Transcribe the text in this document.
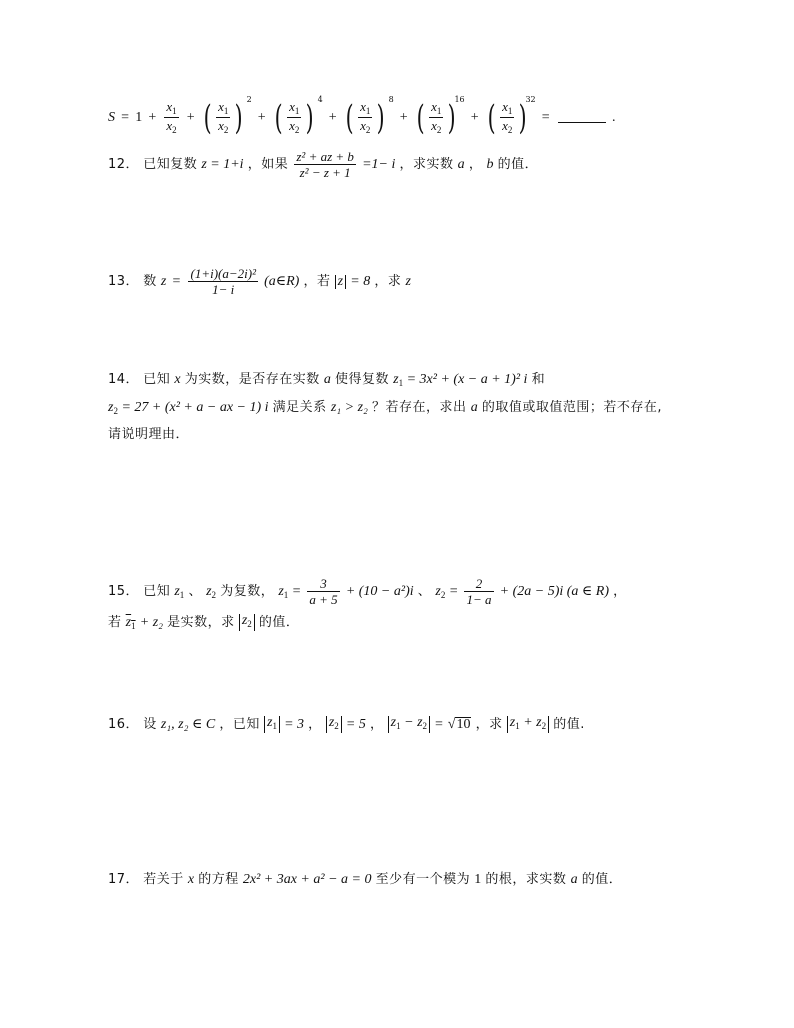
$S = 1 + \frac{x_1}{x_2}$ + ( $\frac{x_1}{x_2}$ ) 2
+ ( $\frac{x_1}{x_2}$ ) 4
+ ( $\frac{x_1}{x_2}$ ) 8
+ ( $\frac{x_1}{x_2}$ )
16
+ ( $\frac{x_1}{x_2}$ )
32
=	.
12． 已知复数 z = 1+i ，如果 $\frac{\text{z² + az + b}}{\text{z² − z + 1}} =1- i$ ，求实数 a ， b 的值．
13． 数 $z = \frac{\text{(1+i)(a−2i)²}}{1- i}$ (a∈R) ，若 z = 8 ，求 z
14． 已知 x 为实数，是否存在实数 a 使得复数 $z_1 = 3x^2 + (x - a + 1)^2$ i 和
$z_2 = 27 + (x^2 + a$ − ax − 1) i 满足关系 z₁ > z₂ ？若存在，求出 a 的取值或取值范围；若不存在,
请说明理由．
15． 已知 $z_1$ 、 $z_2$ 为复数， $z_1 = \frac{3}{a + 5} + (10 - a^2)i$ 、 $z_2 = \frac{2}{1- a} + (2a - 5)i$ (a ∈ R) ，
若 $z_1 + z_2$ 是实数，求 $z_2$ 的值．
16． 设 z₁, z₂ ∈ C ，已知 $z_1 = 3$ ， $z_2 = 5$ ， $z_1 - z_2 = √10$ ，求 $z_1 + z_2$ 的值.
17． 若关于 x 的方程 2x² + 3ax + a² − a = 0 至少有一个模为 1 的根，求实数 a 的值．
